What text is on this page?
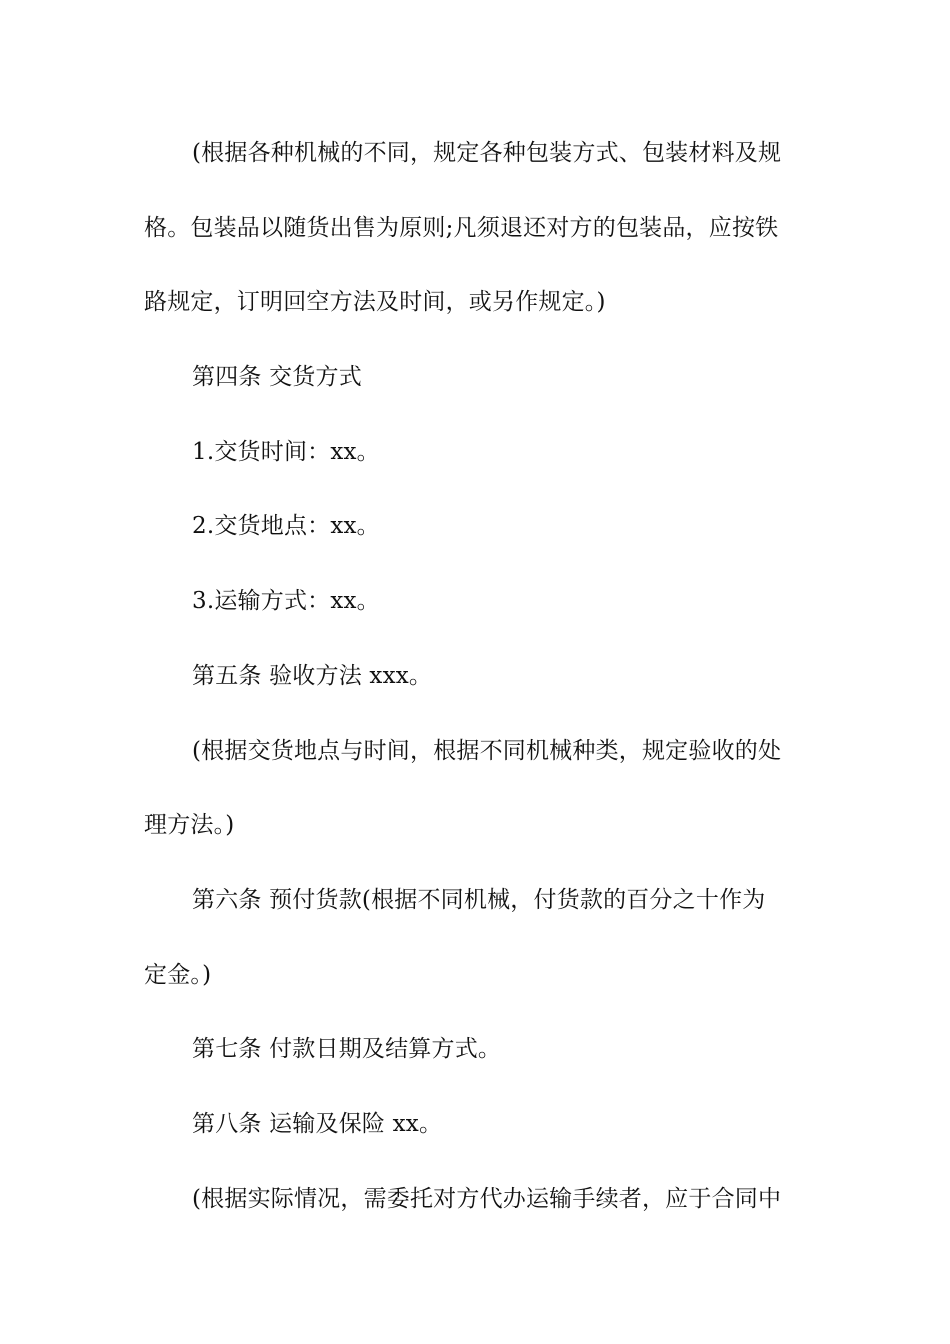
(根据各种机械的不同，规定各种包装方式、包装材料及规
格。包装品以随货出售为原则;凡须退还对方的包装品，应按铁
路规定，订明回空方法及时间，或另作规定。)
第四条 交货方式
1.交货时间：xx。
2.交货地点：xx。
3.运输方式：xx。
第五条 验收方法 xxx。
(根据交货地点与时间，根据不同机械种类，规定验收的处
理方法。)
第六条 预付货款(根据不同机械，付货款的百分之十作为
定金。)
第七条 付款日期及结算方式。
第八条 运输及保险 xx。
(根据实际情况，需委托对方代办运输手续者，应于合同中
